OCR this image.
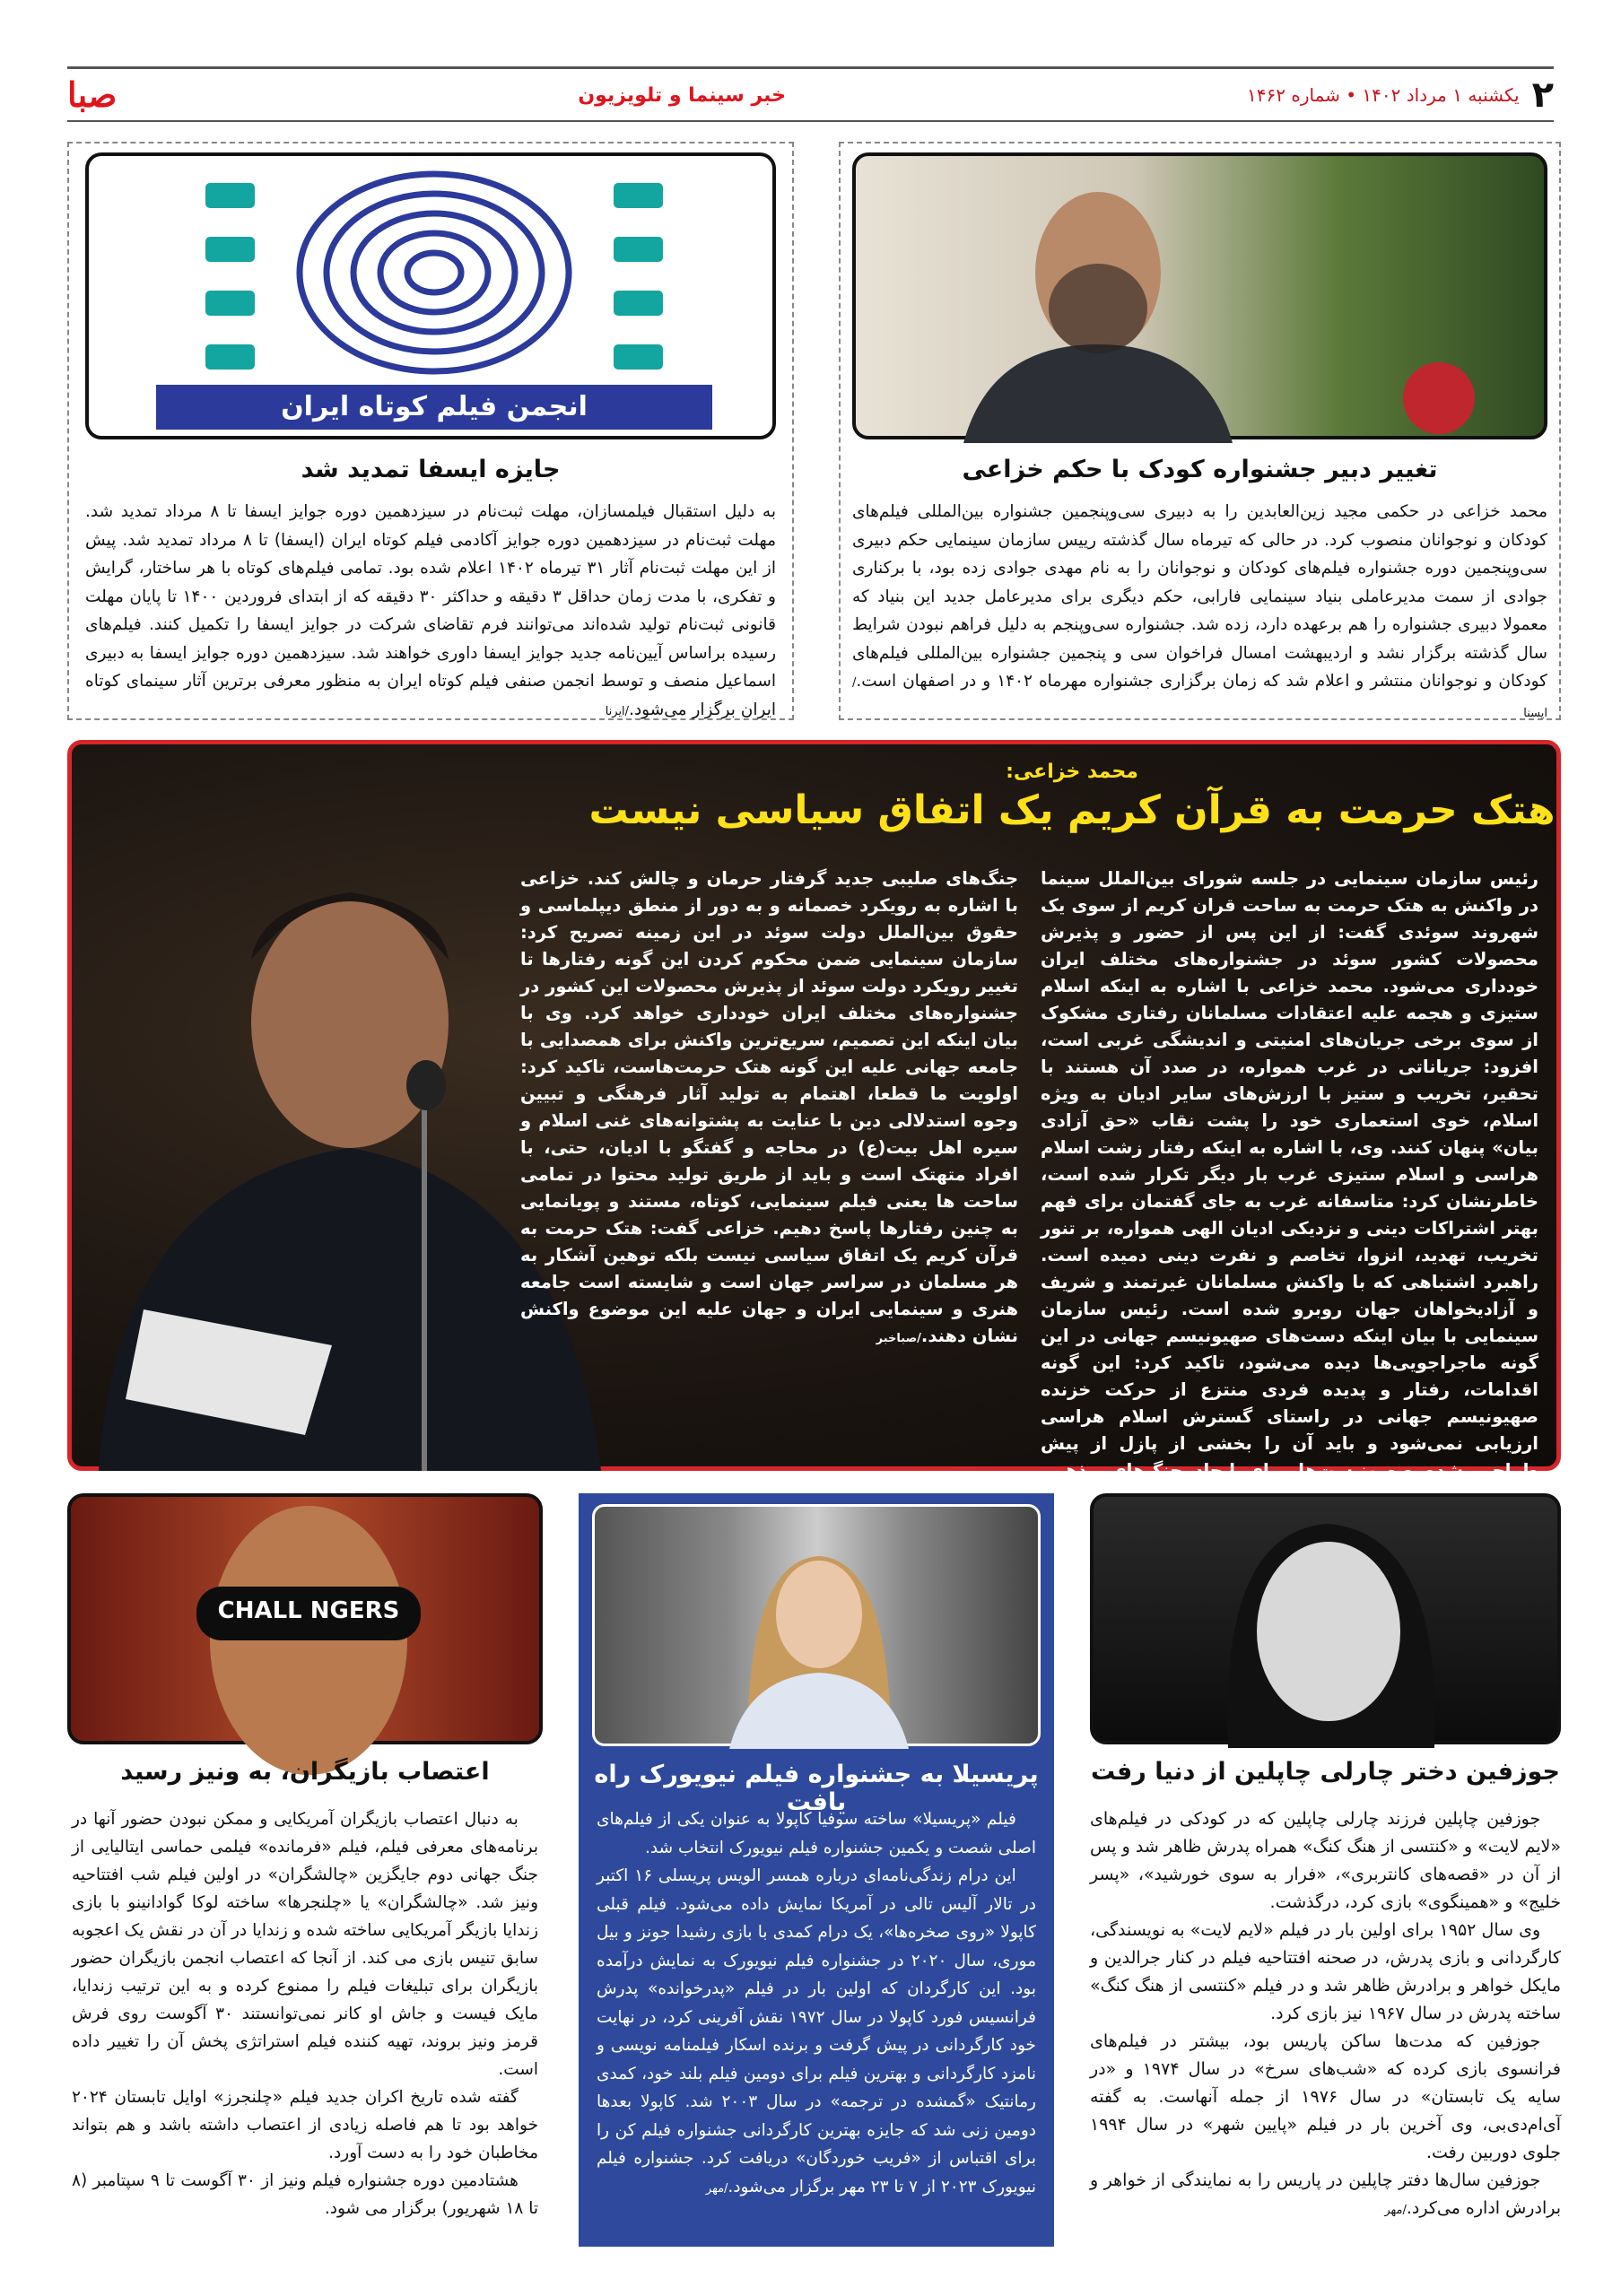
۲
یکشنبه ۱ مرداد ۱۴۰۲ • شماره ۱۴۶۲
خبر سینما و تلویزیون
صبا
تغییر دبیر جشنواره کودک با حکم خزاعی
محمد خزاعی در حکمی مجید زین‌العابدین را به دبیری سی‌وپنجمین جشنواره بین‌المللی فیلم‌های کودکان و نوجوانان منصوب کرد. در حالی که تیرماه سال گذشته رییس سازمان سینمایی حکم دبیری سی‌وپنجمین دوره جشنواره فیلم‌های کودکان و نوجوانان را به نام مهدی جوادی زده بود، با برکناری جوادی از سمت مدیرعاملی بنیاد سینمایی فارابی، حکم دیگری برای مدیرعامل جدید این بنیاد که معمولا دبیری جشنواره را هم برعهده دارد، زده شد. جشنواره سی‌وپنجم به دلیل فراهم نبودن شرایط سال گذشته برگزار نشد و اردیبهشت امسال فراخوان سی و پنجمین جشنواره بین‌المللی فیلم‌های کودکان و نوجوانان منتشر و اعلام شد که زمان برگزاری جشنواره مهرماه ۱۴۰۲ و در اصفهان است./ایسنا
انجمن فیلم کوتاه ایران
جایزه ایسفا تمدید شد
به دلیل استقبال فیلمسازان، مهلت ثبت‌نام در سیزدهمین دوره جوایز ایسفا تا ۸ مرداد تمدید شد. مهلت ثبت‌نام در سیزدهمین دوره جوایز آکادمی فیلم کوتاه ایران (ایسفا) تا ۸ مرداد تمدید شد. پیش از این مهلت ثبت‌نام آثار ۳۱ تیرماه ۱۴۰۲ اعلام شده بود. تمامی فیلم‌های کوتاه با هر ساختار، گرایش و تفکری، با مدت زمان حداقل ۳ دقیقه و حداکثر ۳۰ دقیقه که از ابتدای فروردین ۱۴۰۰ تا پایان مهلت قانونی ثبت‌نام تولید شده‌اند می‌توانند فرم تقاضای شرکت در جوایز ایسفا را تکمیل کنند. فیلم‌های رسیده براساس آیین‌نامه جدید جوایز ایسفا داوری خواهند شد. سیزدهمین دوره جوایز ایسفا به دبیری اسماعیل منصف و توسط انجمن صنفی فیلم کوتاه ایران به منظور معرفی برترین آثار سینمای کوتاه ایران برگزار می‌شود./ایرنا
محمد خزاعی:
هتک حرمت به قرآن کریم یک اتفاق سیاسی نیست
رئیس سازمان سینمایی در جلسه شورای بین‌الملل سینما در واکنش به هتک حرمت به ساحت قران کریم از سوی یک شهروند سوئدی گفت: از این پس از حضور و پذیرش محصولات کشور سوئد در جشنواره‌های مختلف ایران خودداری می‌شود. محمد خزاعی با اشاره به اینکه اسلام ستیزی و هجمه علیه اعتقادات مسلمانان رفتاری مشکوک از سوی برخی جریان‌های امنیتی و اندیشگی غربی است، افزود: جریاناتی در غرب همواره، در صدد آن هستند با تحقیر، تخریب و ستیز با ارزش‌های سایر ادیان به ویژه اسلام، خوی استعماری خود را پشت نقاب «حق آزادی بیان» پنهان کنند. وی، با اشاره به اینکه رفتار زشت اسلام هراسی و اسلام ستیزی غرب بار دیگر تکرار شده است، خاطرنشان کرد: متاسفانه غرب به جای گفتمان برای فهم بهتر اشتراکات دینی و نزدیکی ادیان الهی همواره، بر تنور تخریب، تهدید، انزوا، تخاصم و نفرت دینی دمیده است. راهبرد اشتباهی که با واکنش مسلمانان غیرتمند و شریف و آزادیخواهان جهان روبرو شده است. رئیس سازمان سینمایی با بیان اینکه دست‌های صهیونیسم جهانی در این گونه ماجراجویی‌ها دیده می‌شود، تاکید کرد: این گونه اقدامات، رفتار و پدیده فردی منتزع از حرکت خزنده صهیونیسم جهانی در راستای گسترش اسلام هراسی ارزیابی نمی‌شود و باید آن را بخشی از پازل از پیش طراحی شده صهیونیست‌ها برای ایجاد جنگ‌های مذهبی قرن
جنگ‌های صلیبی جدید گرفتار حرمان و چالش کند. خزاعی با اشاره به رویکرد خصمانه و به دور از منطق دیپلماسی و حقوق بین‌الملل دولت سوئد در این زمینه تصریح کرد: سازمان سینمایی ضمن محکوم کردن این گونه رفتارها تا تغییر رویکرد دولت سوئد از پذیرش محصولات این کشور در جشنواره‌های مختلف ایران خودداری خواهد کرد. وی با بیان اینکه این تصمیم، سریع‌ترین واکنش برای همصدایی با جامعه جهانی علیه این گونه هتک حرمت‌هاست، تاکید کرد: اولویت ما قطعا، اهتمام به تولید آثار فرهنگی و تبیین وجوه استدلالی دین با عنایت به پشتوانه‌های غنی اسلام و سیره اهل بیت(ع) در محاجه و گفتگو با ادیان، حتی، با افراد متهتک است و باید از طریق تولید محتوا در تمامی ساحت ها یعنی فیلم سینمایی، کوتاه، مستند و پویانمایی به چنین رفتارها پاسخ دهیم. خزاعی گفت: هتک حرمت به قرآن کریم یک اتفاق سیاسی نیست بلکه توهین آشکار به هر مسلمان در سراسر جهان است و شایسته است جامعه هنری و سینمایی ایران و جهان علیه این موضوع واکنش نشان دهند./صباخبر
جوزفین دختر چارلی چاپلین از دنیا رفت

جوزفین چاپلین فرزند چارلی چاپلین که در کودکی در فیلم‌های «لایم لایت» و «کنتسی از هنگ کنگ» همراه پدرش ظاهر شد و پس از آن در «قصه‌های کانتربری»، «فرار به سوی خورشید»، «پسر خلیج» و «همینگوی» بازی کرد، درگذشت.

وی سال ۱۹۵۲ برای اولین بار در فیلم «لایم لایت» به نویسندگی، کارگردانی و بازی پدرش، در صحنه افتتاحیه فیلم در کنار جرالدین و مایکل خواهر و برادرش ظاهر شد و در فیلم «کنتسی از هنگ کنگ» ساخته پدرش در سال ۱۹۶۷ نیز بازی کرد.

جوزفین که مدت‌ها ساکن پاریس بود، بیشتر در فیلم‌های فرانسوی بازی کرده که «شب‌های سرخ» در سال ۱۹۷۴ و «در سایه یک تابستان» در سال ۱۹۷۶ از جمله آنهاست. به گفته آی‌ام‌دی‌بی، وی آخرین بار در فیلم «پایین شهر» در سال ۱۹۹۴ جلوی دوربین رفت.

جوزفین سال‌ها دفتر چاپلین در پاریس را به نمایندگی از خواهر و برادرش اداره می‌کرد./مهر

پریسیلا به جشنواره فیلم نیویورک راه یافت

فیلم «پریسیلا» ساخته سوفیا کاپولا به عنوان یکی از فیلم‌های اصلی شصت و یکمین جشنواره فیلم نیویورک انتخاب شد.

این درام زندگی‌نامه‌ای درباره همسر الویس پریسلی ۱۶ اکتبر در تالار آلیس تالی در آمریکا نمایش داده می‌شود. فیلم قبلی کاپولا «روی صخره‌ها»، یک درام کمدی با بازی رشیدا جونز و بیل موری، سال ۲۰۲۰ در جشنواره فیلم نیویورک به نمایش درآمده بود. این کارگردان که اولین بار در فیلم «پدرخوانده» پدرش فرانسیس فورد کاپولا در سال ۱۹۷۲ نقش آفرینی کرد، در نهایت خود کارگردانی در پیش گرفت و برنده اسکار فیلمنامه نویسی و نامزد کارگردانی و بهترین فیلم برای دومین فیلم بلند خود، کمدی رمانتیک «گمشده در ترجمه» در سال ۲۰۰۳ شد. کاپولا بعدها دومین زنی شد که جایزه بهترین کارگردانی جشنواره فیلم کن را برای اقتباس از «فریب خوردگان» دریافت کرد. جشنواره فیلم نیویورک ۲۰۲۳ از ۷ تا ۲۳ مهر برگزار می‌شود./مهر

CHALL NGERS
اعتصاب بازیگران، به ونیز رسید

به دنبال اعتصاب بازیگران آمریکایی و ممکن نبودن حضور آنها در برنامه‌های معرفی فیلم، فیلم «فرمانده» فیلمی حماسی ایتالیایی از جنگ جهانی دوم جایگزین «چالشگران» در اولین فیلم شب افتتاحیه ونیز شد. «چالشگران» یا «چلنجرها» ساخته لوکا گوادانینو با بازی زندایا بازیگر آمریکایی ساخته شده و زندایا در آن در نقش یک اعجوبه سابق تنیس بازی می کند. از آنجا که اعتصاب انجمن بازیگران حضور بازیگران برای تبلیغات فیلم را ممنوع کرده و به این ترتیب زندایا، مایک فیست و جاش او کانر نمی‌توانستند ۳۰ آگوست روی فرش قرمز ونیز بروند، تهیه کننده فیلم استراتژی پخش آن را تغییر داده است.

گفته شده تاریخ اکران جدید فیلم «چلنجرز» اوایل تابستان ۲۰۲۴ خواهد بود تا هم فاصله زیادی از اعتصاب داشته باشد و هم بتواند مخاطبان خود را به دست آورد.

هشتادمین دوره جشنواره فیلم ونیز از ۳۰ آگوست تا ۹ سپتامبر (۸ تا ۱۸ شهریور) برگزار می شود.
